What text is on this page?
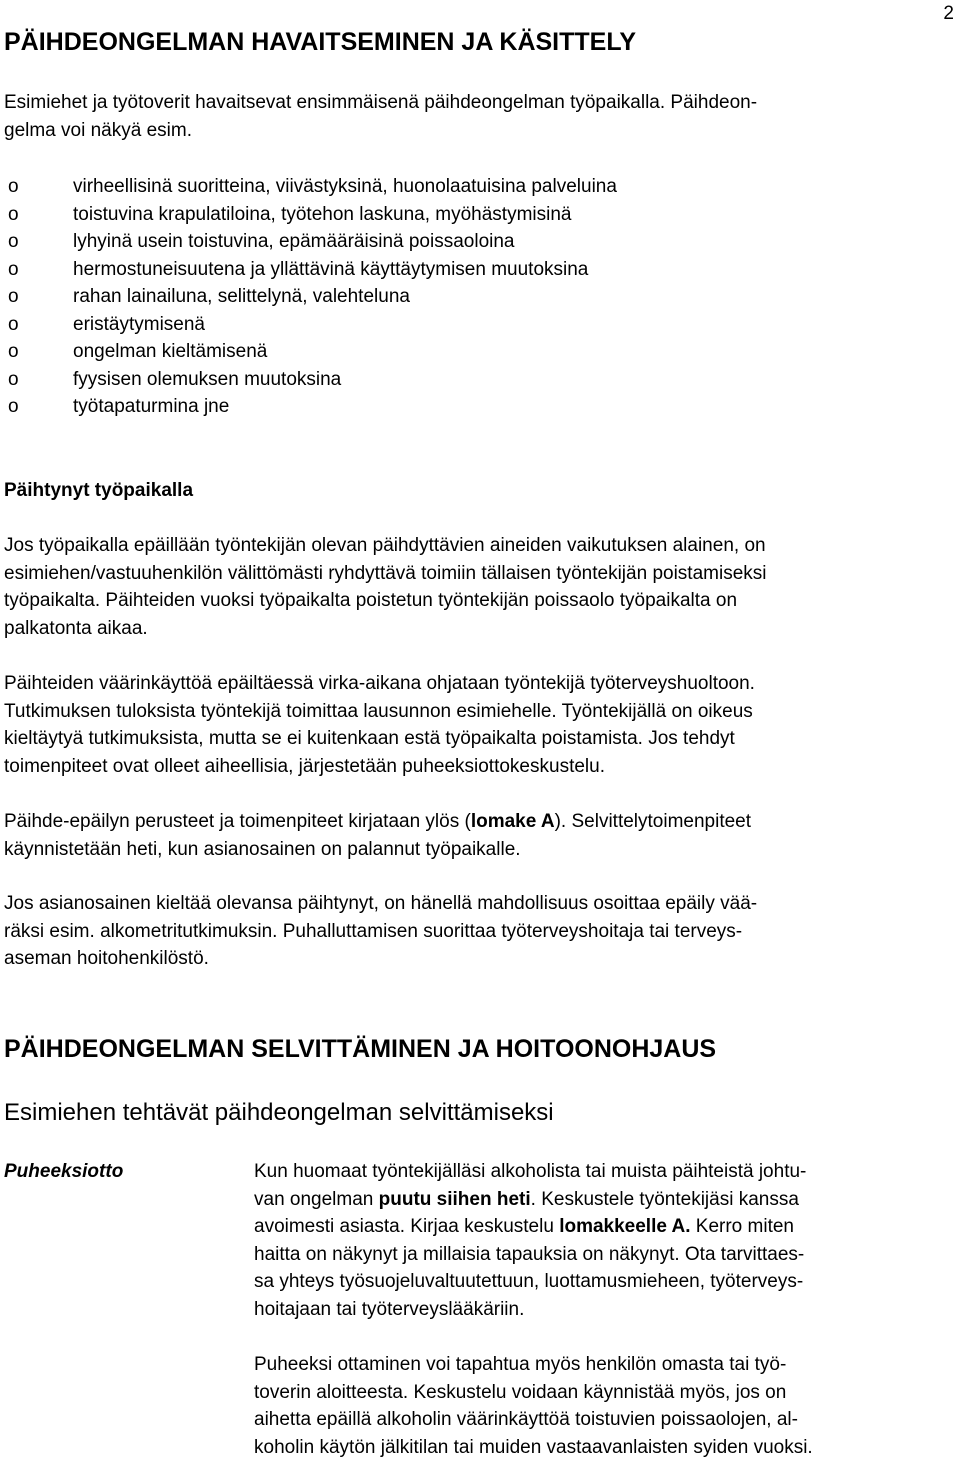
2
PÄIHDEONGELMAN HAVAITSEMINEN JA KÄSITTELY
Esimiehet ja työtoverit havaitsevat ensimmäisenä päihdeongelman työpaikalla. Päihdeon-
gelma voi näkyä esim.
o	virheellisinä suoritteina, viivästyksinä, huonolaatuisina palveluina
o	toistuvina krapulatiloina, työtehon laskuna, myöhästymisinä
o	lyhyinä usein toistuvina, epämääräisinä poissaoloina
o	hermostuneisuutena ja yllättävinä käyttäytymisen muutoksina
o	rahan lainailuna, selittelynä, valehteluna
o	eristäytymisenä
o	ongelman kieltämisenä
o	fyysisen olemuksen muutoksina
o	työtapaturmina jne
Päihtynyt työpaikalla
Jos työpaikalla epäillään työntekijän olevan päihdyttävien aineiden vaikutuksen alainen, on
esimiehen/vastuuhenkilön välittömästi ryhdyttävä toimiin tällaisen työntekijän poistamiseksi
työpaikalta. Päihteiden vuoksi työpaikalta poistetun työntekijän poissaolo työpaikalta on
palkatonta aikaa.
Päihteiden väärinkäyttöä epäiltäessä virka-aikana ohjataan työntekijä työterveyshuoltoon.
Tutkimuksen tuloksista työntekijä toimittaa lausunnon esimiehelle. Työntekijällä on oikeus
kieltäytyä tutkimuksista, mutta se ei kuitenkaan estä työpaikalta poistamista. Jos tehdyt
toimenpiteet ovat olleet aiheellisia, järjestetään puheeksiottokeskustelu.
Päihde-epäilyn perusteet ja toimenpiteet kirjataan ylös (lomake A). Selvittelytoimenpiteet
käynnistetään heti, kun asianosainen on palannut työpaikalle.
Jos asianosainen kieltää olevansa päihtynyt, on hänellä mahdollisuus osoittaa epäily vää-
räksi esim. alkometritutkimuksin. Puhalluttamisen suorittaa työterveyshoitaja tai terveys-
aseman hoitohenkilöstö.
PÄIHDEONGELMAN SELVITTÄMINEN JA HOITOONOHJAUS
Esimiehen tehtävät päihdeongelman selvittämiseksi
Puheeksiotto	Kun huomaat työntekijälläsi alkoholista tai muista päihteistä johtu-
van ongelman puutu siihen heti. Keskustele työntekijäsi kanssa
avoimesti asiasta. Kirjaa keskustelu lomakkeelle A. Kerro miten
haitta on näkynyt ja millaisia tapauksia on näkynyt. Ota tarvittaes-
sa yhteys työsuojeluvaltuutettuun, luottamusmieheen, työterveys-
hoitajaan tai työterveyslääkäriin.
Puheeksi ottaminen voi tapahtua myös henkilön omasta tai työ-
toverin aloitteesta. Keskustelu voidaan käynnistää myös, jos on
aihetta epäillä alkoholin väärinkäyttöä toistuvien poissaolojen, al-
koholin käytön jälkitilan tai muiden vastaavanlaisten syiden vuoksi.
